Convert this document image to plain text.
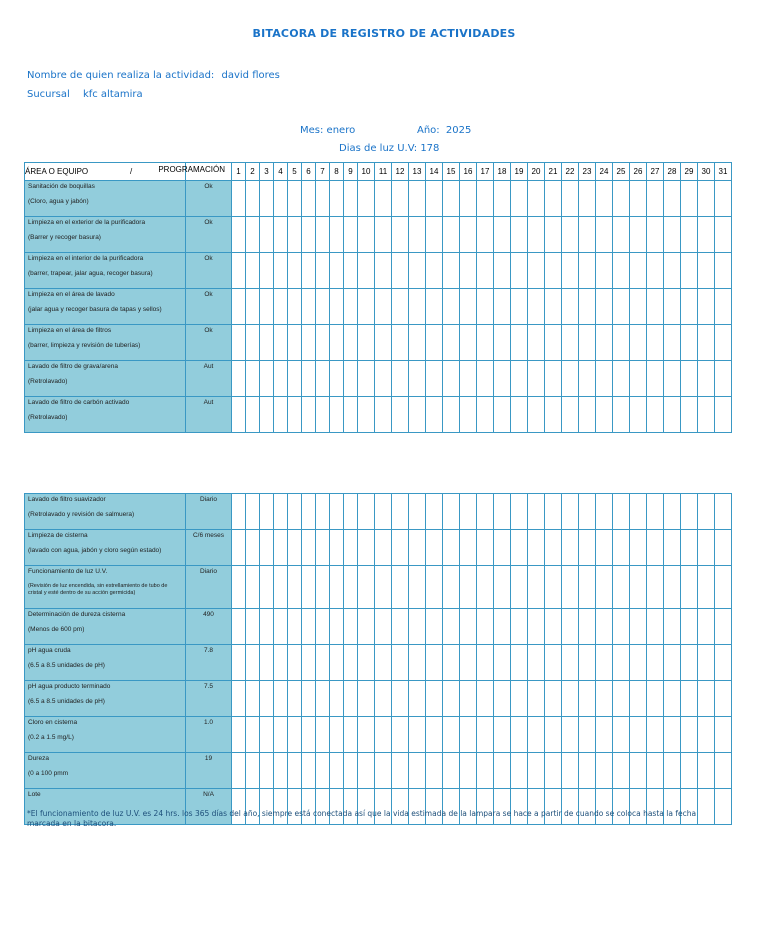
BITACORA DE REGISTRO DE ACTIVIDADES
Nombre de quien realiza la actividad: david flores
Sucursal kfc altamira
Mes: enero	Año: 2025
Dias de luz U.V: 178
ÁREA O EQUIPO /	PROGRAMACIÓN	1	2	3	4	5	6	7	8	9	10	11	12	13	14	15	16	17	18	19	20	21	22	23	24	25	26	27	28	29	30	31

Sanitación de boquillas
(Cloro, agua y jabón)	Ok																															

Limpieza en el exterior de la purificadora
(Barrer y recoger basura)	Ok																															

Limpieza en el interior de la purificadora
(barrer, trapear, jalar agua, recoger basura)	Ok																															

Limpieza en el área de lavado
(jalar agua y recoger basura de tapas y sellos)	Ok																															

Limpieza en el área de filtros
(barrer, limpieza y revisión de tuberías)	Ok																															

Lavado de filtro de grava/arena
(Retrolavado)	Aut																															

Lavado de filtro de carbón activado
(Retrolavado)	Aut																															
Lavado de filtro suavizador
(Retrolavado y revisión de salmuera)	Diario																															

Limpieza de cisterna
(lavado con agua, jabón y cloro según estado)	C/6 meses																															

Funcionamiento de luz U.V.
(Revisión de luz encendida, sin estrellamiento de tubo de cristal y esté dentro de su acción germicida)	Diario																															

Determinación de dureza cisterna
(Menos de 600 pm)	490																															

pH agua cruda
(6.5 a 8.5 unidades de pH)	7.8																															

pH agua producto terminado
(6.5 a 8.5 unidades de pH)	7.5																															

Cloro en cisterna
(0.2 a 1.5 mg/L)	1.0																															

Dureza
(0 a 100 pmm	19																															

Lote	N/A																															
*El funcionamiento de luz U.V. es 24 hrs. los 365 días del año, siempre está conectada así que la vida estimada de la lampara se hace a partir de cuando se coloca hasta la fecha marcada en la bitacora.
